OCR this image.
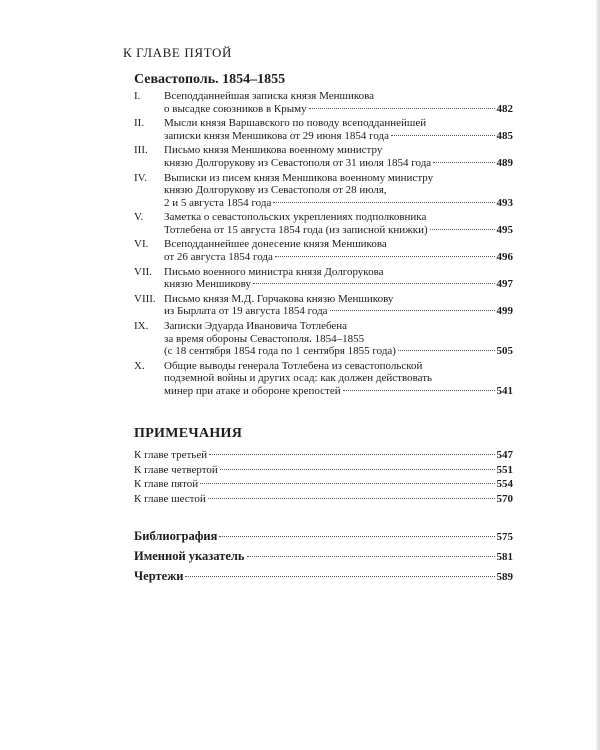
К ГЛАВЕ ПЯТОЙ
Севастополь. 1854–1855
I. Всеподданнейшая записка князя Меншикова
о высадке союзников в Крыму	482
II. Мысли князя Варшавского по поводу всеподданнейшей
записки князя Меншикова от 29 июня 1854 года	485
III. Письмо князя Меншикова военному министру
князю Долгорукову из Севастополя от 31 июля 1854 года	489
IV. Выписки из писем князя Меншикова военному министру
князю Долгорукову из Севастополя от 28 июля,
2 и 5 августа 1854 года	493
V. Заметка о севастопольских укреплениях подполковника
Тотлебена от 15 августа 1854 года (из записной книжки)	495
VI. Всеподданнейшее донесение князя Меншикова
от 26 августа 1854 года	496
VII. Письмо военного министра князя Долгорукова
князю Меншикову	497
VIII. Письмо князя М.Д. Горчакова князю Меншикову
из Бырлата от 19 августа 1854 года	499
IX. Записки Эдуарда Ивановича Тотлебена
за время обороны Севастополя. 1854–1855
(с 18 сентября 1854 года по 1 сентября 1855 года)	505
X. Общие выводы генерала Тотлебена из севастопольской
подземной войны и других осад: как должен действовать
минер при атаке и обороне крепостей	541
ПРИМЕЧАНИЯ
К главе третьей	547
К главе четвертой	551
К главе пятой	554
К главе шестой	570
Библиография	575
Именной указатель	581
Чертежи	589
